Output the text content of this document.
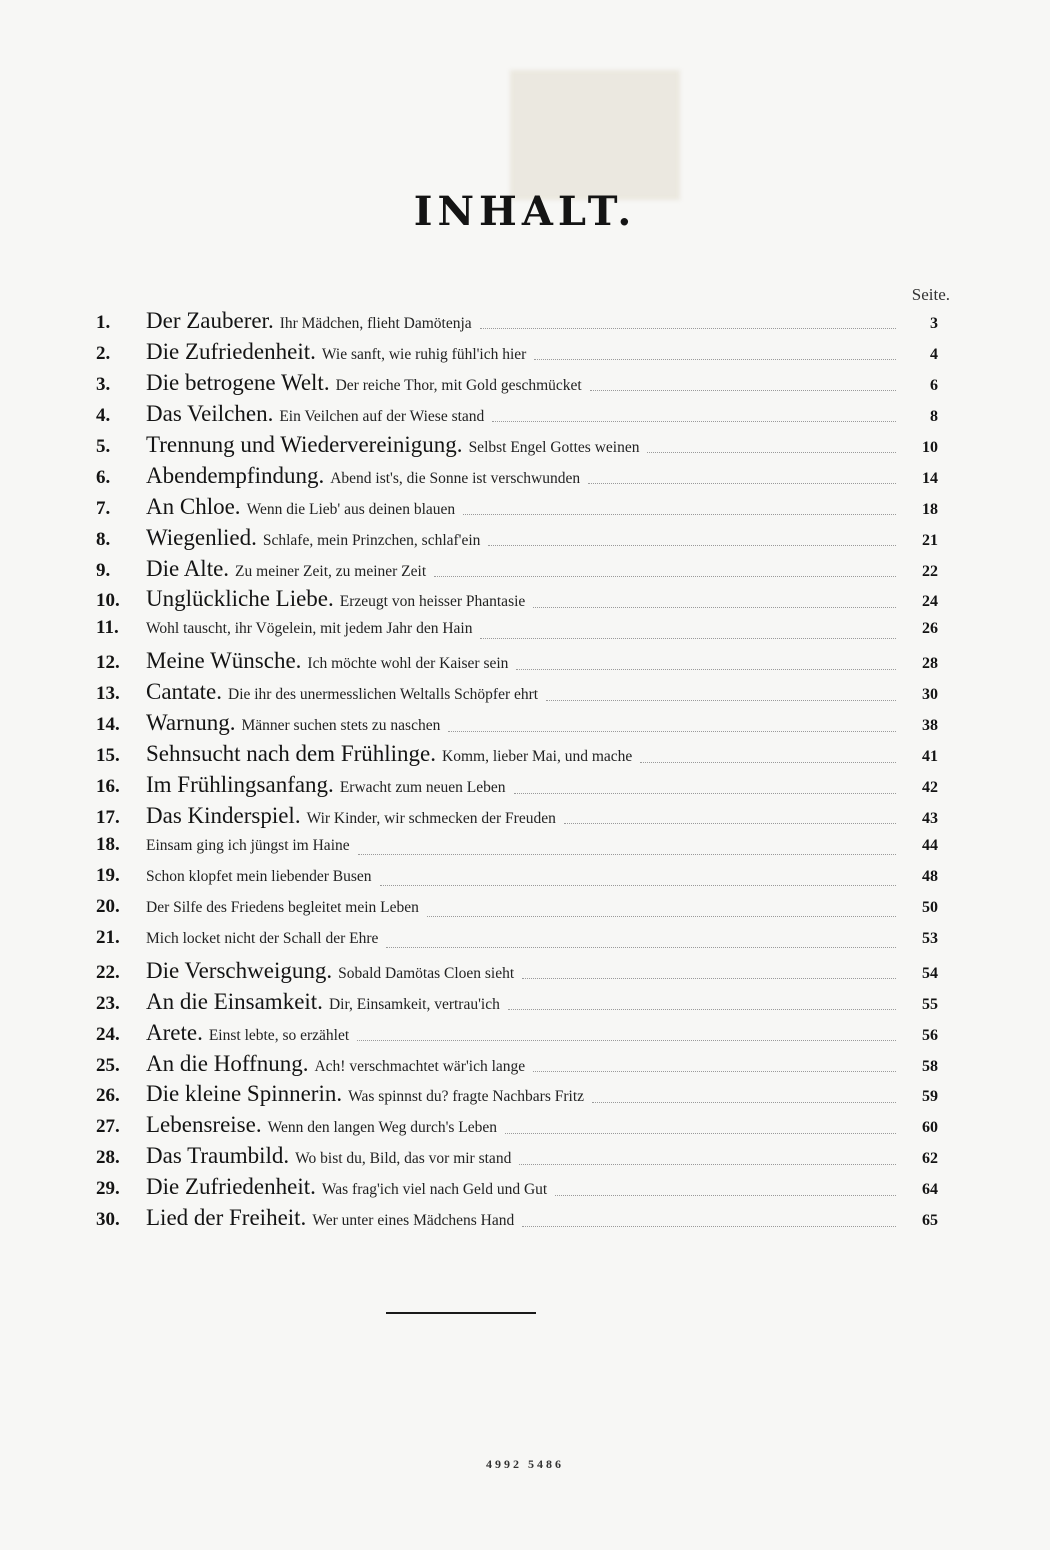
INHALT.
Seite.
1.	Der Zauberer. Ihr Mädchen, flieht Damötenja	3
2.	Die Zufriedenheit. Wie sanft, wie ruhig fühl'ich hier	4
3.	Die betrogene Welt. Der reiche Thor, mit Gold geschmücket	6
4.	Das Veilchen. Ein Veilchen auf der Wiese stand	8
5.	Trennung und Wiedervereinigung. Selbst Engel Gottes weinen	10
6.	Abendempfindung. Abend ist's, die Sonne ist verschwunden	14
7.	An Chloe. Wenn die Lieb' aus deinen blauen	18
8.	Wiegenlied. Schlafe, mein Prinzchen, schlaf'ein	21
9.	Die Alte. Zu meiner Zeit, zu meiner Zeit	22
10.	Unglückliche Liebe. Erzeugt von heisser Phantasie	24
11.	Wohl tauscht, ihr Vögelein, mit jedem Jahr den Hain	26
12.	Meine Wünsche. Ich möchte wohl der Kaiser sein	28
13.	Cantate. Die ihr des unermesslichen Weltalls Schöpfer ehrt	30
14.	Warnung. Männer suchen stets zu naschen	38
15.	Sehnsucht nach dem Frühlinge. Komm, lieber Mai, und mache	41
16.	Im Frühlingsanfang. Erwacht zum neuen Leben	42
17.	Das Kinderspiel. Wir Kinder, wir schmecken der Freuden	43
18.	Einsam ging ich jüngst im Haine	44
19.	Schon klopfet mein liebender Busen	48
20.	Der Silfe des Friedens begleitet mein Leben	50
21.	Mich locket nicht der Schall der Ehre	53
22.	Die Verschweigung. Sobald Damötas Cloen sieht	54
23.	An die Einsamkeit. Dir, Einsamkeit, vertrau'ich	55
24.	Arete. Einst lebte, so erzählet	56
25.	An die Hoffnung. Ach! verschmachtet wär'ich lange	58
26.	Die kleine Spinnerin. Was spinnst du? fragte Nachbars Fritz	59
27.	Lebensreise. Wenn den langen Weg durch's Leben	60
28.	Das Traumbild. Wo bist du, Bild, das vor mir stand	62
29.	Die Zufriedenheit. Was frag'ich viel nach Geld und Gut	64
30.	Lied der Freiheit. Wer unter eines Mädchens Hand	65
4992 5486
